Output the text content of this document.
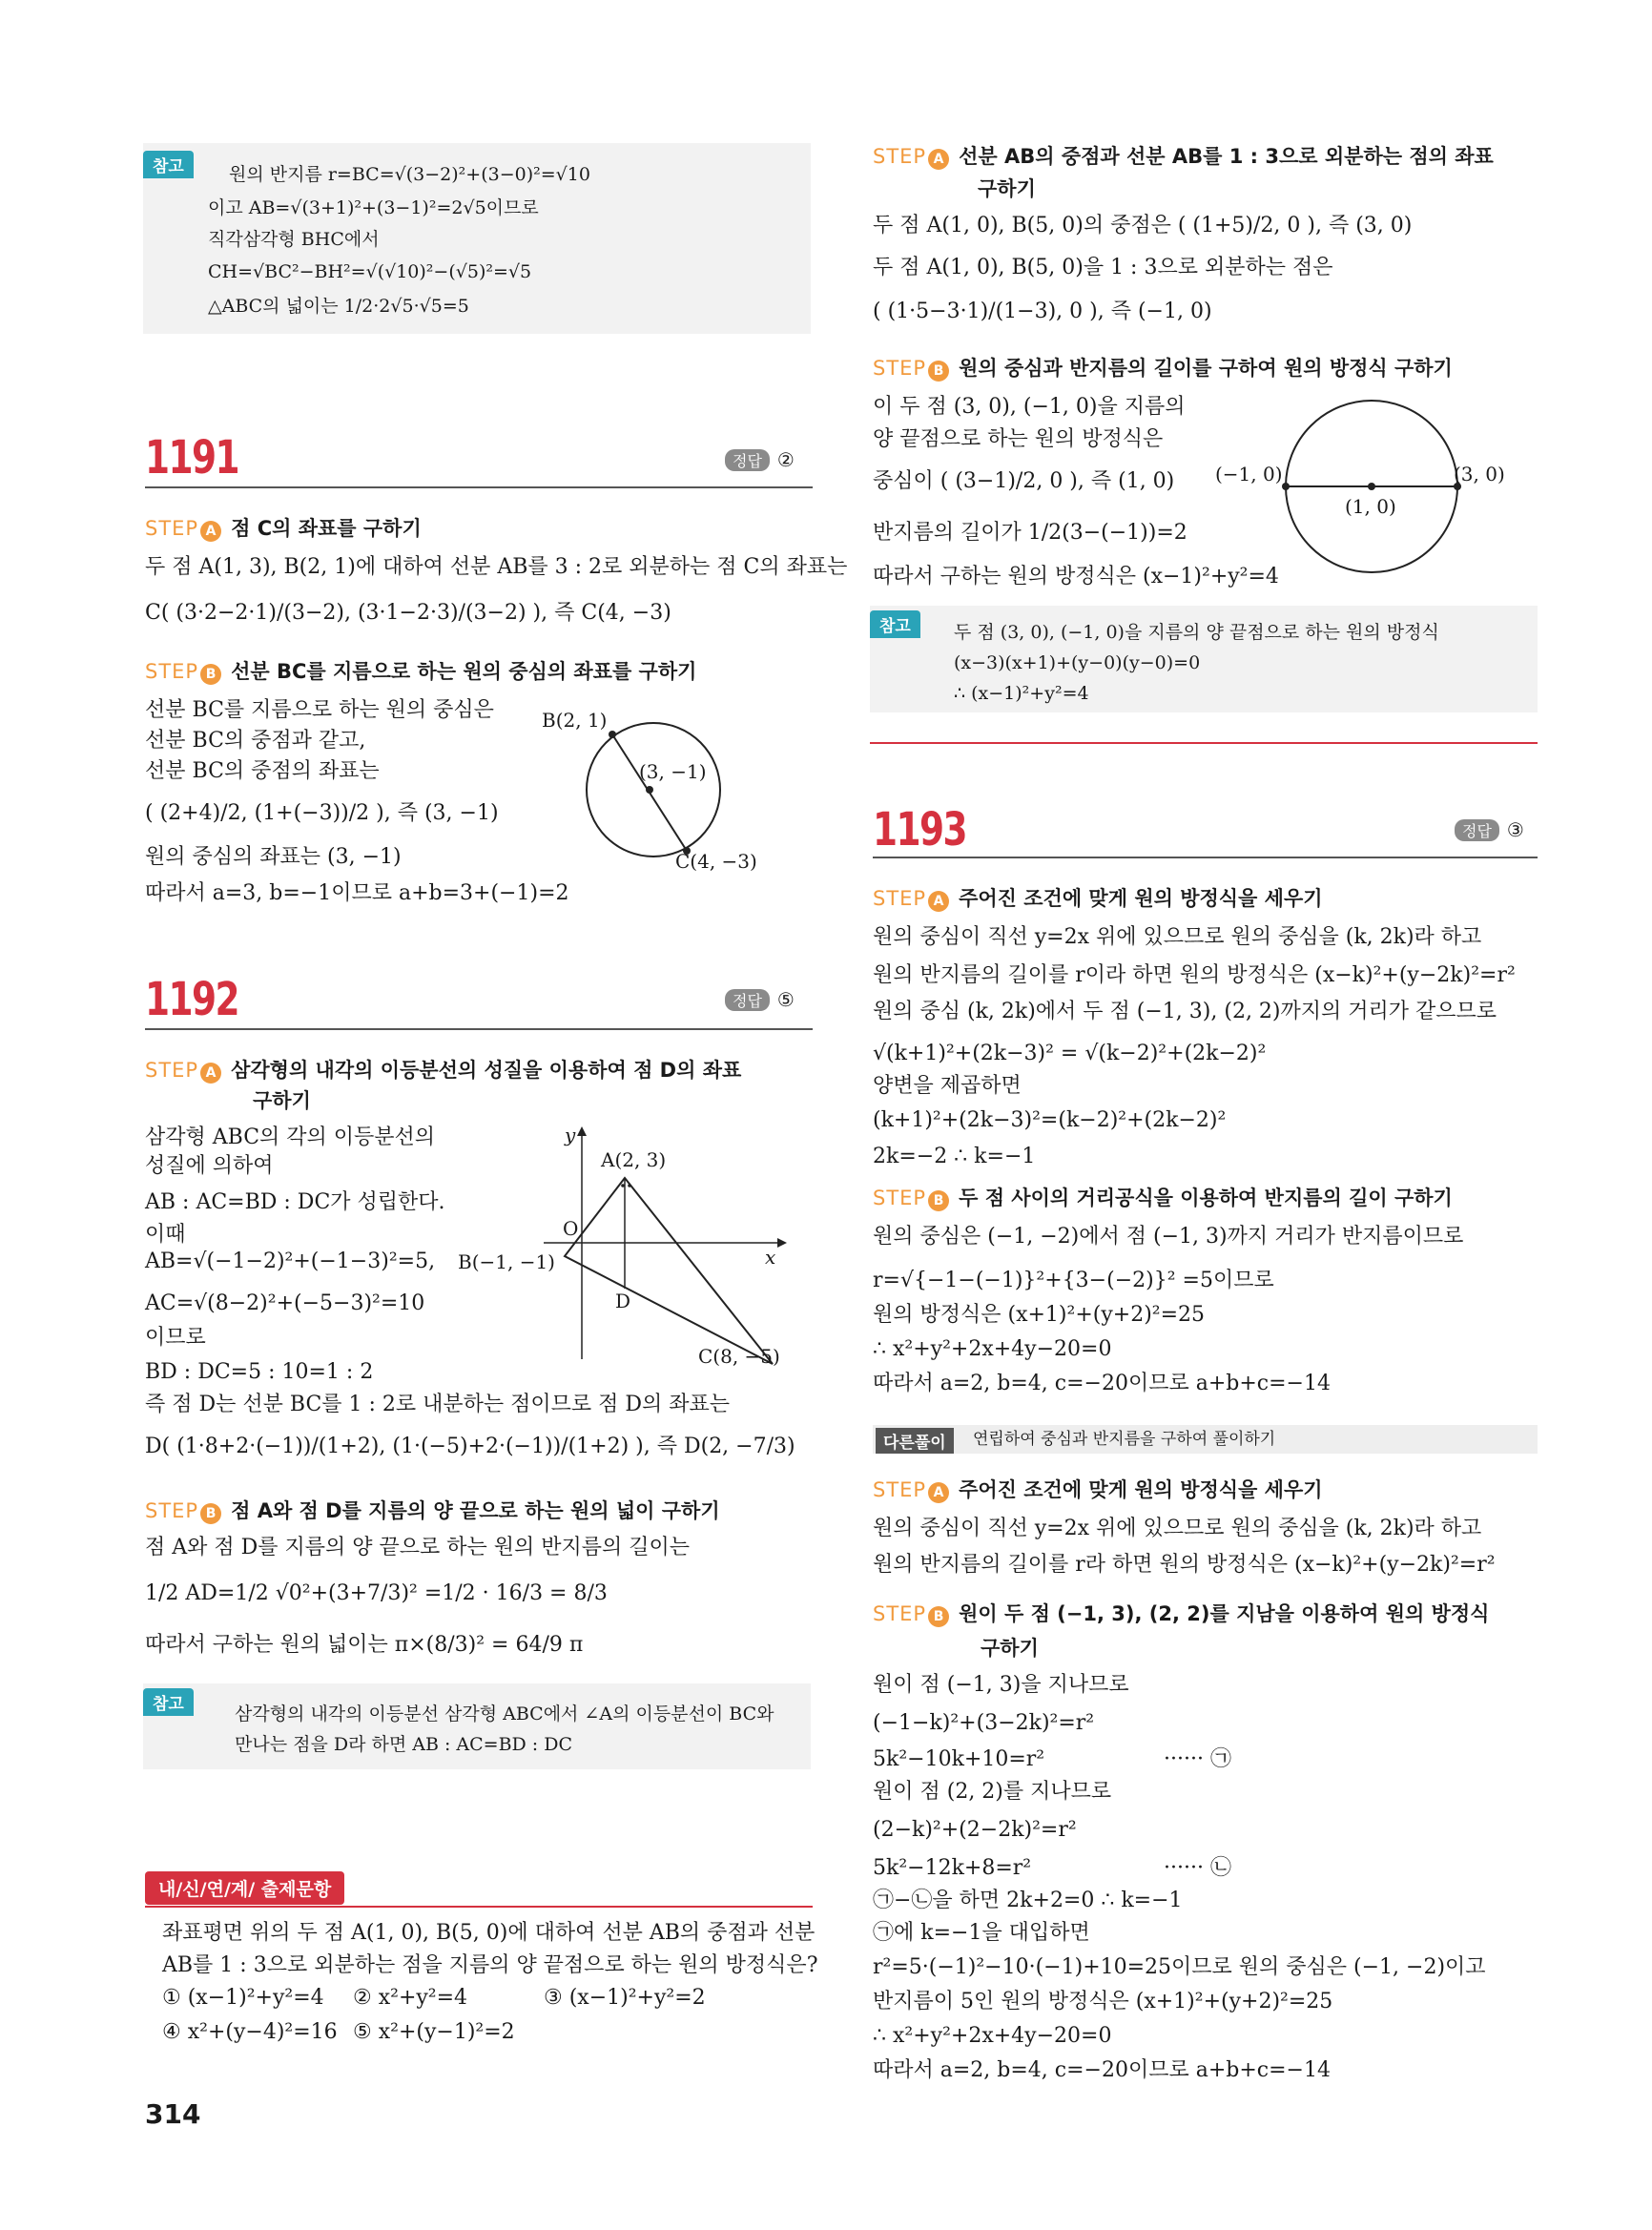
참고	원의 반지름 r=BC=√(3−2)²+(3−0)²=√10
이고 AB=√(3+1)²+(3−1)²=2√5이므로
직각삼각형 BHC에서
CH=√BC²−BH²=√(√10)²−(√5)²=√5
△ABC의 넓이는 1/2·2√5·√5=5
1191	정답 ②
STEP A 점 C의 좌표를 구하기
두 점 A(1, 3), B(2, 1)에 대하여 선분 AB를 3 : 2로 외분하는 점 C의 좌표는
C( (3·2−2·1)/(3−2), (3·1−2·3)/(3−2) ), 즉 C(4, −3)
STEP B 선분 BC를 지름으로 하는 원의 중심의 좌표를 구하기
선분 BC를 지름으로 하는 원의 중심은
선분 BC의 중점과 같고,
선분 BC의 중점의 좌표는
( (2+4)/2, (1+(−3))/2 ), 즉 (3, −1)
원의 중심의 좌표는 (3, −1)
따라서 a=3, b=−1이므로 a+b=3+(−1)=2
B(2, 1)
(3, −1)
C(4, −3)
1192	정답 ⑤
STEP A 삼각형의 내각의 이등분선의 성질을 이용하여 점 D의 좌표
구하기
삼각형 ABC의 각의 이등분선의
성질에 의하여
AB : AC=BD : DC가 성립한다.
이때
AB=√(−1−2)²+(−1−3)²=5,
AC=√(8−2)²+(−5−3)²=10
이므로
BD : DC=5 : 10=1 : 2
즉 점 D는 선분 BC를 1 : 2로 내분하는 점이므로 점 D의 좌표는
D( (1·8+2·(−1))/(1+2), (1·(−5)+2·(−1))/(1+2) ), 즉 D(2, −7/3)
y
x
O
A(2, 3)
B(−1, −1)
D
C(8, −5)
STEP B 점 A와 점 D를 지름의 양 끝으로 하는 원의 넓이 구하기
점 A와 점 D를 지름의 양 끝으로 하는 원의 반지름의 길이는
1/2 AD=1/2 √0²+(3+7/3)² =1/2 · 16/3 = 8/3
따라서 구하는 원의 넓이는 π×(8/3)² = 64/9 π
참고	삼각형의 내각의 이등분선 삼각형 ABC에서 ∠A의 이등분선이 BC와
만나는 점을 D라 하면 AB : AC=BD : DC
내/신/연/계/ 출제문항
좌표평면 위의 두 점 A(1, 0), B(5, 0)에 대하여 선분 AB의 중점과 선분
AB를 1 : 3으로 외분하는 점을 지름의 양 끝점으로 하는 원의 방정식은?
① (x−1)²+y²=4 ② x²+y²=4	③ (x−1)²+y²=2
④ x²+(y−4)²=16 ⑤ x²+(y−1)²=2
314
STEP A 선분 AB의 중점과 선분 AB를 1 : 3으로 외분하는 점의 좌표
구하기
두 점 A(1, 0), B(5, 0)의 중점은 ( (1+5)/2, 0 ), 즉 (3, 0)
두 점 A(1, 0), B(5, 0)을 1 : 3으로 외분하는 점은
( (1·5−3·1)/(1−3), 0 ), 즉 (−1, 0)
STEP B 원의 중심과 반지름의 길이를 구하여 원의 방정식 구하기
이 두 점 (3, 0), (−1, 0)을 지름의
양 끝점으로 하는 원의 방정식은
중심이 ( (3−1)/2, 0 ), 즉 (1, 0)
반지름의 길이가 1/2(3−(−1))=2
따라서 구하는 원의 방정식은 (x−1)²+y²=4
(−1, 0)
(1, 0)
(3, 0)
참고	두 점 (3, 0), (−1, 0)을 지름의 양 끝점으로 하는 원의 방정식
(x−3)(x+1)+(y−0)(y−0)=0
∴ (x−1)²+y²=4
1193	정답 ③
STEP A 주어진 조건에 맞게 원의 방정식을 세우기
원의 중심이 직선 y=2x 위에 있으므로 원의 중심을 (k, 2k)라 하고
원의 반지름의 길이를 r이라 하면 원의 방정식은 (x−k)²+(y−2k)²=r²
원의 중심 (k, 2k)에서 두 점 (−1, 3), (2, 2)까지의 거리가 같으므로
√(k+1)²+(2k−3)² = √(k−2)²+(2k−2)²
양변을 제곱하면
(k+1)²+(2k−3)²=(k−2)²+(2k−2)²
2k=−2 ∴ k=−1
STEP B 두 점 사이의 거리공식을 이용하여 반지름의 길이 구하기
원의 중심은 (−1, −2)에서 점 (−1, 3)까지 거리가 반지름이므로
r=√{−1−(−1)}²+{3−(−2)}² =5이므로
원의 방정식은 (x+1)²+(y+2)²=25
∴ x²+y²+2x+4y−20=0
따라서 a=2, b=4, c=−20이므로 a+b+c=−14
다른풀이	연립하여 중심과 반지름을 구하여 풀이하기
STEP A 주어진 조건에 맞게 원의 방정식을 세우기
원의 중심이 직선 y=2x 위에 있으므로 원의 중심을 (k, 2k)라 하고
원의 반지름의 길이를 r라 하면 원의 방정식은 (x−k)²+(y−2k)²=r²
STEP B 원이 두 점 (−1, 3), (2, 2)를 지남을 이용하여 원의 방정식
구하기
원이 점 (−1, 3)을 지나므로
(−1−k)²+(3−2k)²=r²
5k²−10k+10=r²	······ ㉠
원이 점 (2, 2)를 지나므로
(2−k)²+(2−2k)²=r²
5k²−12k+8=r²	······ ㉡
㉠−㉡을 하면 2k+2=0 ∴ k=−1
㉠에 k=−1을 대입하면
r²=5·(−1)²−10·(−1)+10=25이므로 원의 중심은 (−1, −2)이고
반지름이 5인 원의 방정식은 (x+1)²+(y+2)²=25
∴ x²+y²+2x+4y−20=0
따라서 a=2, b=4, c=−20이므로 a+b+c=−14
